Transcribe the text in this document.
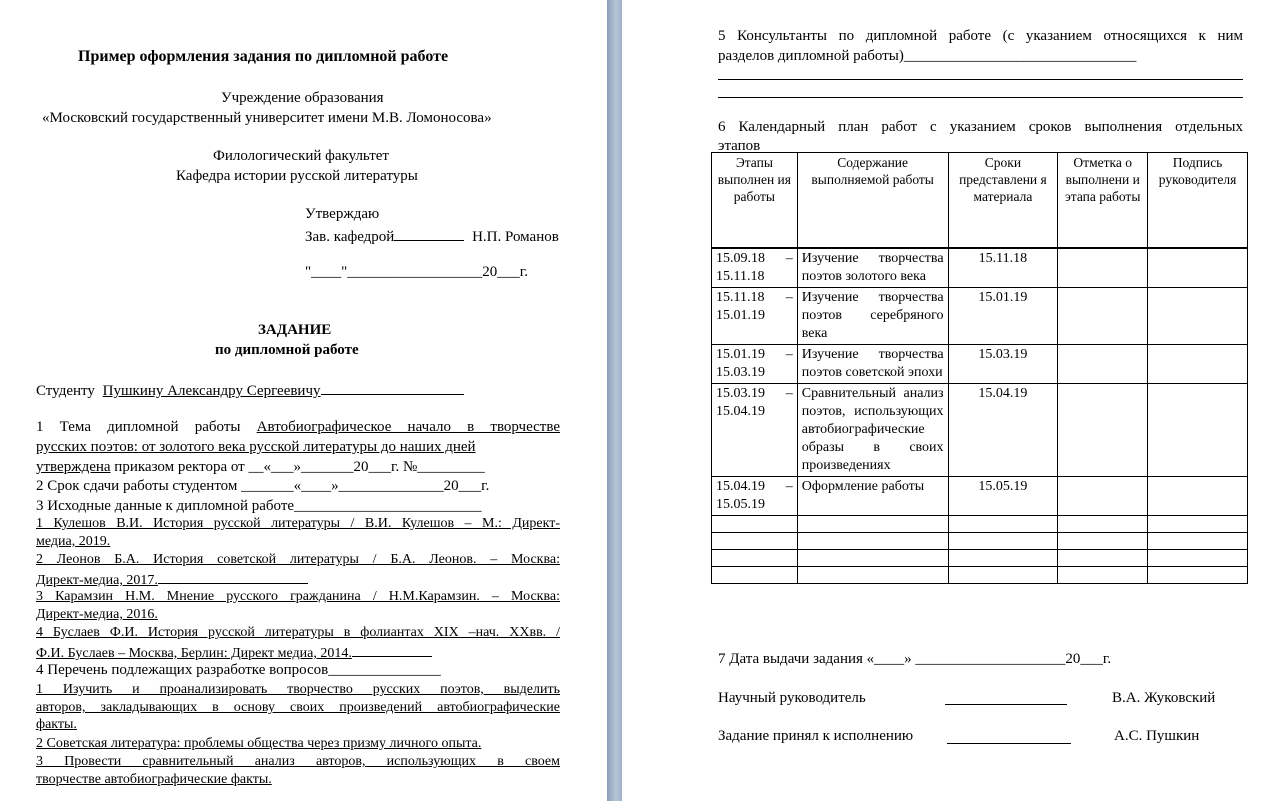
Пример оформления задания по дипломной работе
Учреждение образования
«Московский государственный университет имени М.В. Ломоносова»
Филологический факультет
Кафедра истории русской литературы
Утверждаю
Зав. кафедрой	Н.П. Романов
"____"__________________20___г.
ЗАДАНИЕ
по дипломной работе
Студенту Пушкину Александру Сергеевичу
1 Тема дипломной работы Автобиографическое начало в творчестве
русских поэтов: от золотого века русской литературы до наших дней
утверждена приказом ректора от __«___»_______20___г. №_________
2 Срок сдачи работы студентом _______«____»______________20___г.
3 Исходные данные к дипломной работе_________________________
1 Кулешов В.И. История русской литературы / В.И. Кулешов – М.: Директ-
медиа, 2019.
2 Леонов Б.А. История советской литературы / Б.А. Леонов. – Москва:
Директ-медиа, 2017.
3 Карамзин Н.М. Мнение русского гражданина / Н.М.Карамзин. – Москва:
Директ-медиа, 2016.
4 Буслаев Ф.И. История русской литературы в фолиантах XIX –нач. XXвв. /
Ф.И. Буслаев – Москва, Берлин: Директ медиа, 2014.
4 Перечень подлежащих разработке вопросов_______________
1 Изучить и проанализировать творчество русских поэтов, выделить
авторов, закладывающих в основу своих произведений автобиографические
факты.
2 Советская литература: проблемы общества через призму личного опыта.
3 Провести сравнительный анализ авторов, использующих в своем
творчестве автобиографические факты.
5 Консультанты по дипломной работе (с указанием относящихся к ним
разделов дипломной работы)_______________________________
6 Календарный план работ с указанием сроков выполнения отдельных
этапов
Этапы выполнен ия работы	Содержание выполняемой работы	Сроки представлени я материала	Отметка о выполнени и этапа работы	Подпись руководителя

15.09.18 –
15.11.18	Изучение творчества поэтов золотого века	15.11.18		

15.11.18 –
15.01.19	Изучение творчества поэтов серебряного века	15.01.19		

15.01.19 –
15.03.19	Изучение творчества поэтов советской эпохи	15.03.19		

15.03.19 –
15.04.19	Сравнительный анализ поэтов, использующих автобиографические образы в своих произведениях	15.04.19		

15.04.19 –
15.05.19	Оформление работы	15.05.19		

7 Дата выдачи задания «____» ____________________20___г.
Научный руководитель	В.А. Жуковский
Задание принял к исполнению	А.С. Пушкин
